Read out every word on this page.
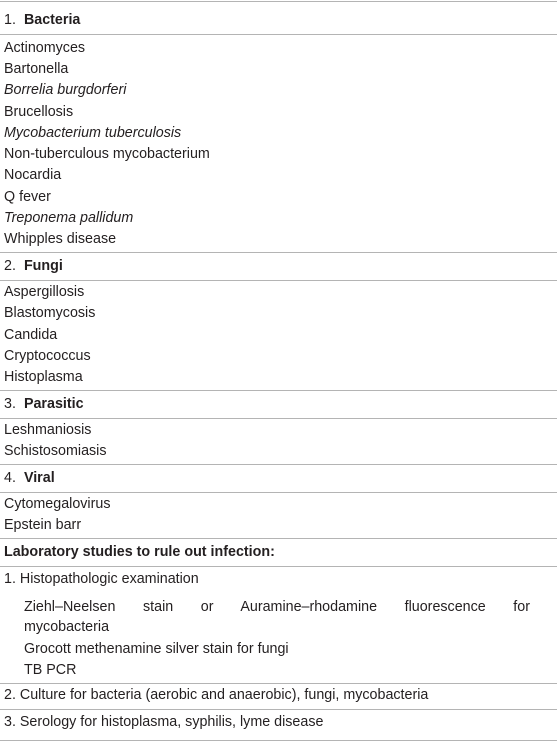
1. Bacteria
Actinomyces
Bartonella
Borrelia burgdorferi
Brucellosis
Mycobacterium tuberculosis
Non-tuberculous mycobacterium
Nocardia
Q fever
Treponema pallidum
Whipples disease
2. Fungi
Aspergillosis
Blastomycosis
Candida
Cryptococcus
Histoplasma
3. Parasitic
Leshmaniosis
Schistosomiasis
4. Viral
Cytomegalovirus
Epstein barr
Laboratory studies to rule out infection:
1. Histopathologic examination
Ziehl–Neelsen stain or Auramine–rhodamine fluorescence for
mycobacteria
Grocott methenamine silver stain for fungi
TB PCR
2. Culture for bacteria (aerobic and anaerobic), fungi, mycobacteria
3. Serology for histoplasma, syphilis, lyme disease
